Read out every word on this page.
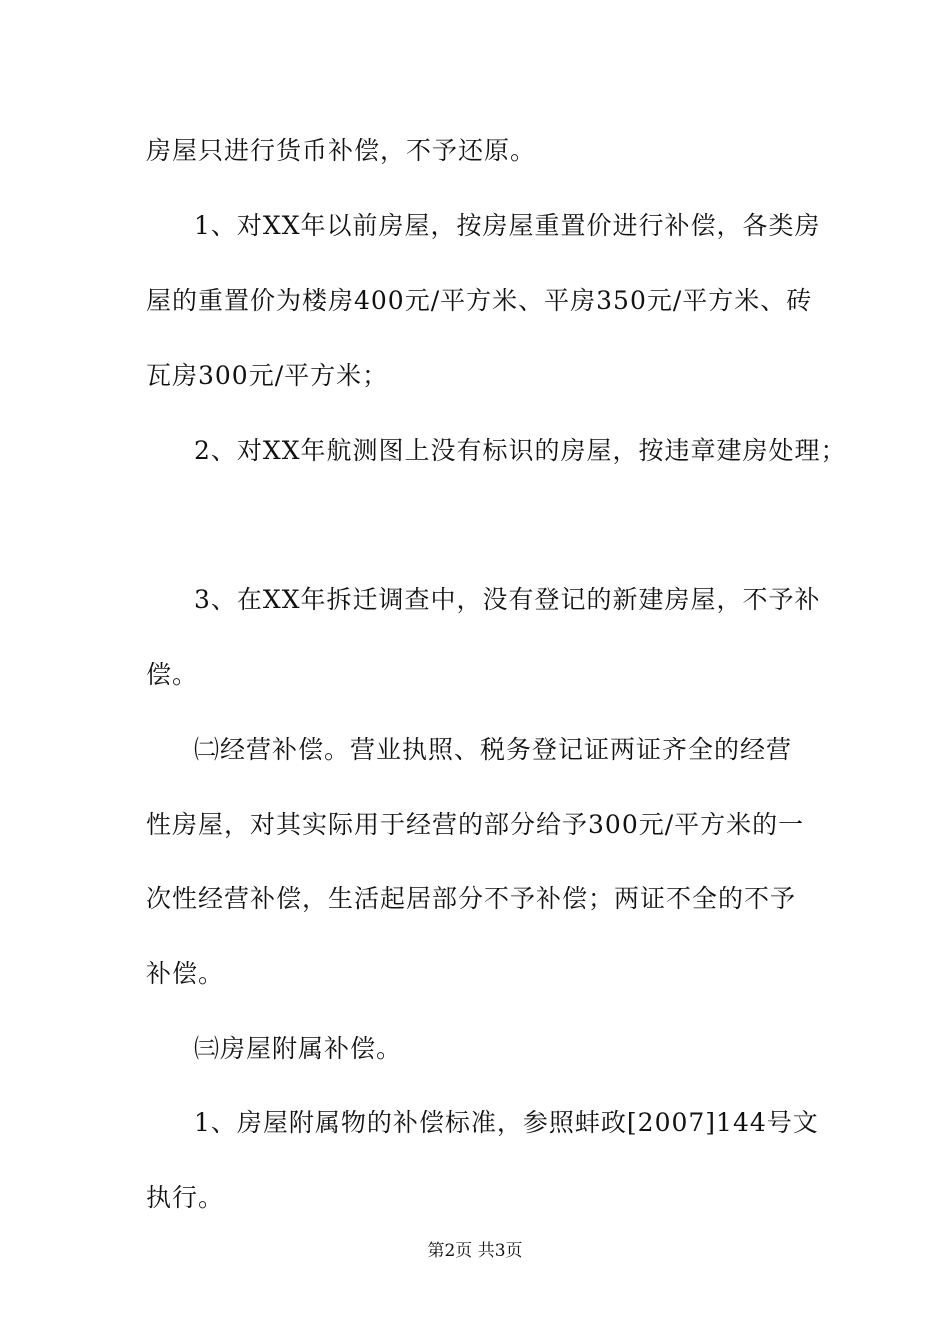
房屋只进行货币补偿，不予还原。
1、对XX年以前房屋，按房屋重置价进行补偿，各类房
屋的重置价为楼房400元/平方米、平房350元/平方米、砖
瓦房300元/平方米；
2、对XX年航测图上没有标识的房屋，按违章建房处理；
3、在XX年拆迁调查中，没有登记的新建房屋，不予补
偿。
㈡经营补偿。营业执照、税务登记证两证齐全的经营
性房屋，对其实际用于经营的部分给予300元/平方米的一
次性经营补偿，生活起居部分不予补偿；两证不全的不予
补偿。
㈢房屋附属补偿。
1、房屋附属物的补偿标准，参照蚌政[2007]144号文
执行。
第2页 共3页
